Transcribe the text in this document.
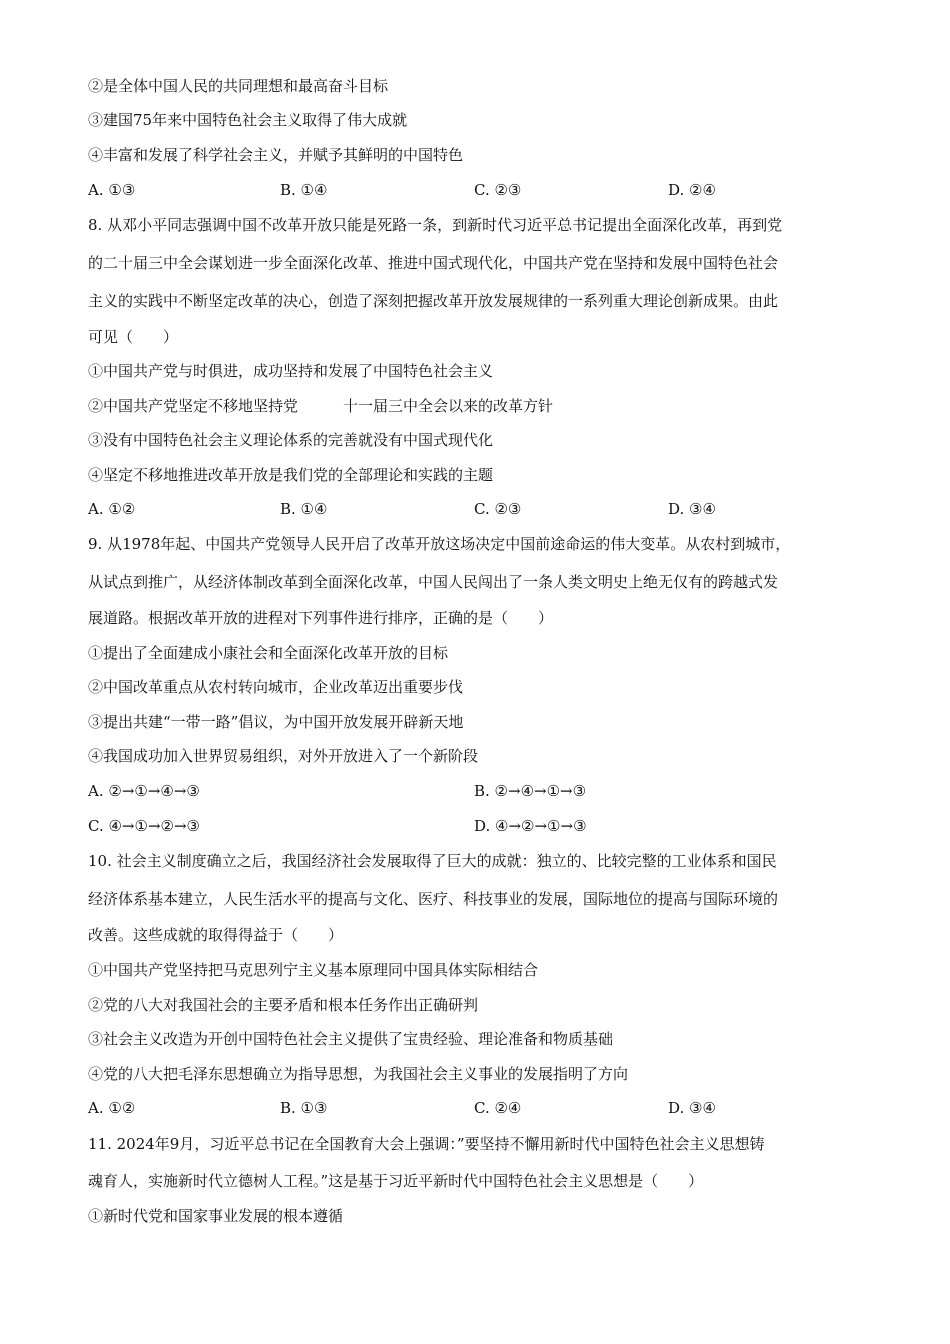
②是全体中国人民的共同理想和最高奋斗目标
③建国75年来中国特色社会主义取得了伟大成就
④丰富和发展了科学社会主义，并赋予其鲜明的中国特色
A. ①③	B. ①④	C. ②③	D. ②④
8. 从邓小平同志强调中国不改革开放只能是死路一条，到新时代习近平总书记提出全面深化改革，再到党
的二十届三中全会谋划进一步全面深化改革、推进中国式现代化，中国共产党在坚持和发展中国特色社会
主义的实践中不断坚定改革的决心，创造了深刻把握改革开放发展规律的一系列重大理论创新成果。由此
可见（　　）
①中国共产党与时俱进，成功坚持和发展了中国特色社会主义
②中国共产党坚定不移地坚持党　　　十一届三中全会以来的改革方针
③没有中国特色社会主义理论体系的完善就没有中国式现代化
④坚定不移地推进改革开放是我们党的全部理论和实践的主题
A. ①②	B. ①④	C. ②③	D. ③④
9. 从1978年起、中国共产党领导人民开启了改革开放这场决定中国前途命运的伟大变革。从农村到城市，
从试点到推广，从经济体制改革到全面深化改革，中国人民闯出了一条人类文明史上绝无仅有的跨越式发
展道路。根据改革开放的进程对下列事件进行排序，正确的是（　　）
①提出了全面建成小康社会和全面深化改革开放的目标
②中国改革重点从农村转向城市，企业改革迈出重要步伐
③提出共建“一带一路”倡议，为中国开放发展开辟新天地
④我国成功加入世界贸易组织，对外开放进入了一个新阶段
A. ②→①→④→③	B. ②→④→①→③
C. ④→①→②→③	D. ④→②→①→③
10. 社会主义制度确立之后，我国经济社会发展取得了巨大的成就：独立的、比较完整的工业体系和国民
经济体系基本建立，人民生活水平的提高与文化、医疗、科技事业的发展，国际地位的提高与国际环境的
改善。这些成就的取得得益于（　　）
①中国共产党坚持把马克思列宁主义基本原理同中国具体实际相结合
②党的八大对我国社会的主要矛盾和根本任务作出正确研判
③社会主义改造为开创中国特色社会主义提供了宝贵经验、理论准备和物质基础
④党的八大把毛泽东思想确立为指导思想，为我国社会主义事业的发展指明了方向
A. ①②	B. ①③	C. ②④	D. ③④
11. 2024年9月，习近平总书记在全国教育大会上强调：”要坚持不懈用新时代中国特色社会主义思想铸
魂育人，实施新时代立德树人工程。”这是基于习近平新时代中国特色社会主义思想是（　　）
①新时代党和国家事业发展的根本遵循
